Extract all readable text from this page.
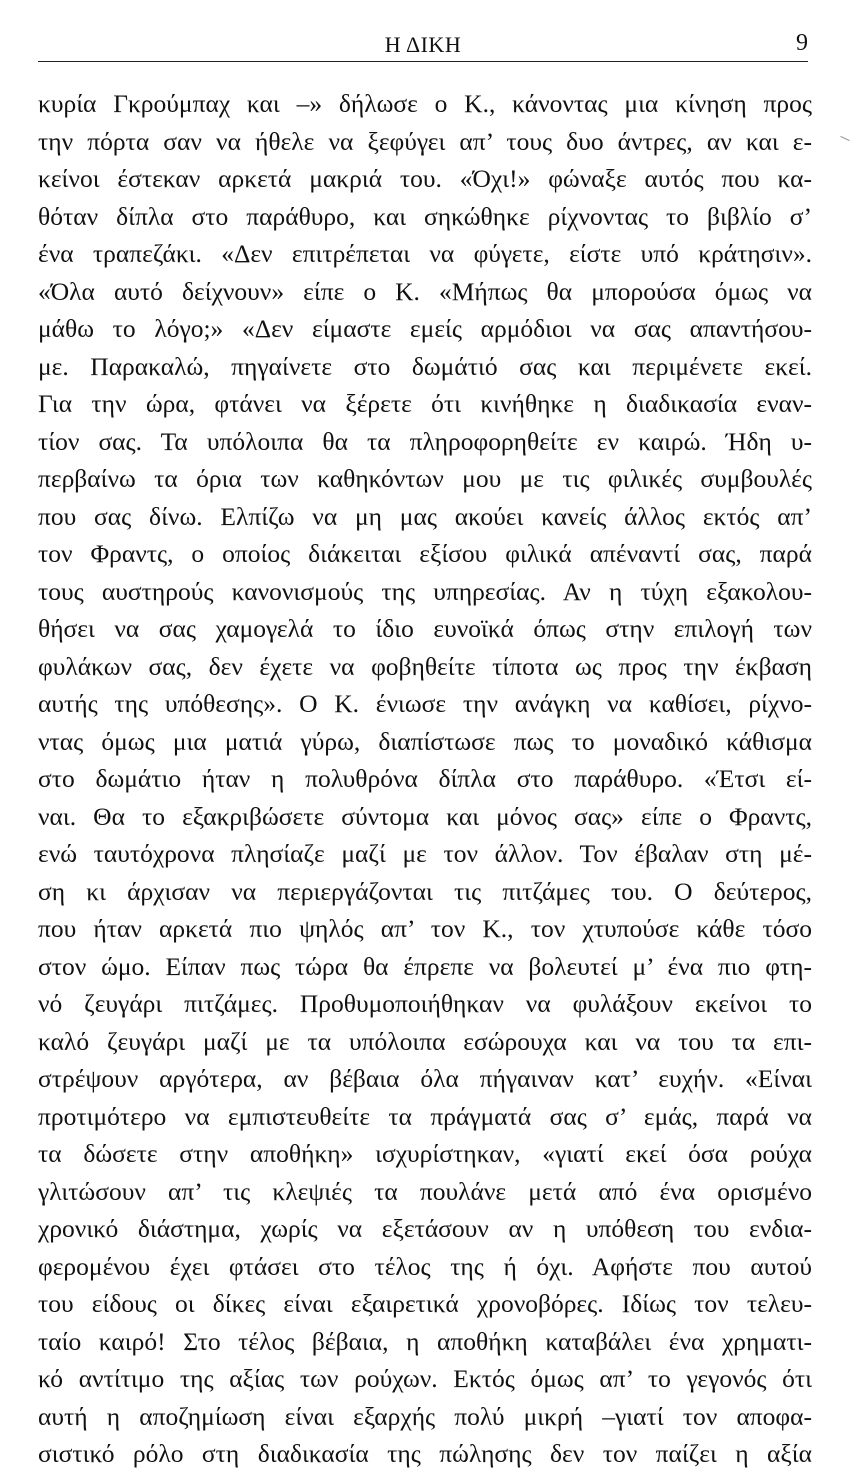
Η ΔΙΚΗ	9
κυρία Γκρούμπαχ και –» δήλωσε ο Κ., κάνοντας μια κίνηση προς
την πόρτα σαν να ήθελε να ξεφύγει απ’ τους δυο άντρες, αν και ε-
κείνοι έστεκαν αρκετά μακριά του. «Όχι!» φώναξε αυτός που κα-
θόταν δίπλα στο παράθυρο, και σηκώθηκε ρίχνοντας το βιβλίο σ’
ένα τραπεζάκι. «Δεν επιτρέπεται να φύγετε, είστε υπό κράτησιν».
«Όλα αυτό δείχνουν» είπε ο Κ. «Μήπως θα μπορούσα όμως να
μάθω το λόγο;» «Δεν είμαστε εμείς αρμόδιοι να σας απαντήσου-
με. Παρακαλώ, πηγαίνετε στο δωμάτιό σας και περιμένετε εκεί.
Για την ώρα, φτάνει να ξέρετε ότι κινήθηκε η διαδικασία εναν-
τίον σας. Τα υπόλοιπα θα τα πληροφορηθείτε εν καιρώ. Ήδη υ-
περβαίνω τα όρια των καθηκόντων μου με τις φιλικές συμβουλές
που σας δίνω. Ελπίζω να μη μας ακούει κανείς άλλος εκτός απ’
τον Φραντς, ο οποίος διάκειται εξίσου φιλικά απέναντί σας, παρά
τους αυστηρούς κανονισμούς της υπηρεσίας. Αν η τύχη εξακολου-
θήσει να σας χαμογελά το ίδιο ευνοϊκά όπως στην επιλογή των
φυλάκων σας, δεν έχετε να φοβηθείτε τίποτα ως προς την έκβαση
αυτής της υπόθεσης». Ο Κ. ένιωσε την ανάγκη να καθίσει, ρίχνο-
ντας όμως μια ματιά γύρω, διαπίστωσε πως το μοναδικό κάθισμα
στο δωμάτιο ήταν η πολυθρόνα δίπλα στο παράθυρο. «Έτσι εί-
ναι. Θα το εξακριβώσετε σύντομα και μόνος σας» είπε ο Φραντς,
ενώ ταυτόχρονα πλησίαζε μαζί με τον άλλον. Τον έβαλαν στη μέ-
ση κι άρχισαν να περιεργάζονται τις πιτζάμες του. Ο δεύτερος,
που ήταν αρκετά πιο ψηλός απ’ τον Κ., τον χτυπούσε κάθε τόσο
στον ώμο. Είπαν πως τώρα θα έπρεπε να βολευτεί μ’ ένα πιο φτη-
νό ζευγάρι πιτζάμες. Προθυμοποιήθηκαν να φυλάξουν εκείνοι το
καλό ζευγάρι μαζί με τα υπόλοιπα εσώρουχα και να του τα επι-
στρέψουν αργότερα, αν βέβαια όλα πήγαιναν κατ’ ευχήν. «Είναι
προτιμότερο να εμπιστευθείτε τα πράγματά σας σ’ εμάς, παρά να
τα δώσετε στην αποθήκη» ισχυρίστηκαν, «γιατί εκεί όσα ρούχα
γλιτώσουν απ’ τις κλεψιές τα πουλάνε μετά από ένα ορισμένο
χρονικό διάστημα, χωρίς να εξετάσουν αν η υπόθεση του ενδια-
φερομένου έχει φτάσει στο τέλος της ή όχι. Αφήστε που αυτού
του είδους οι δίκες είναι εξαιρετικά χρονοβόρες. Ιδίως τον τελευ-
ταίο καιρό! Στο τέλος βέβαια, η αποθήκη καταβάλει ένα χρηματι-
κό αντίτιμο της αξίας των ρούχων. Εκτός όμως απ’ το γεγονός ότι
αυτή η αποζημίωση είναι εξαρχής πολύ μικρή –γιατί τον αποφα-
σιστικό ρόλο στη διαδικασία της πώλησης δεν τον παίζει η αξία
